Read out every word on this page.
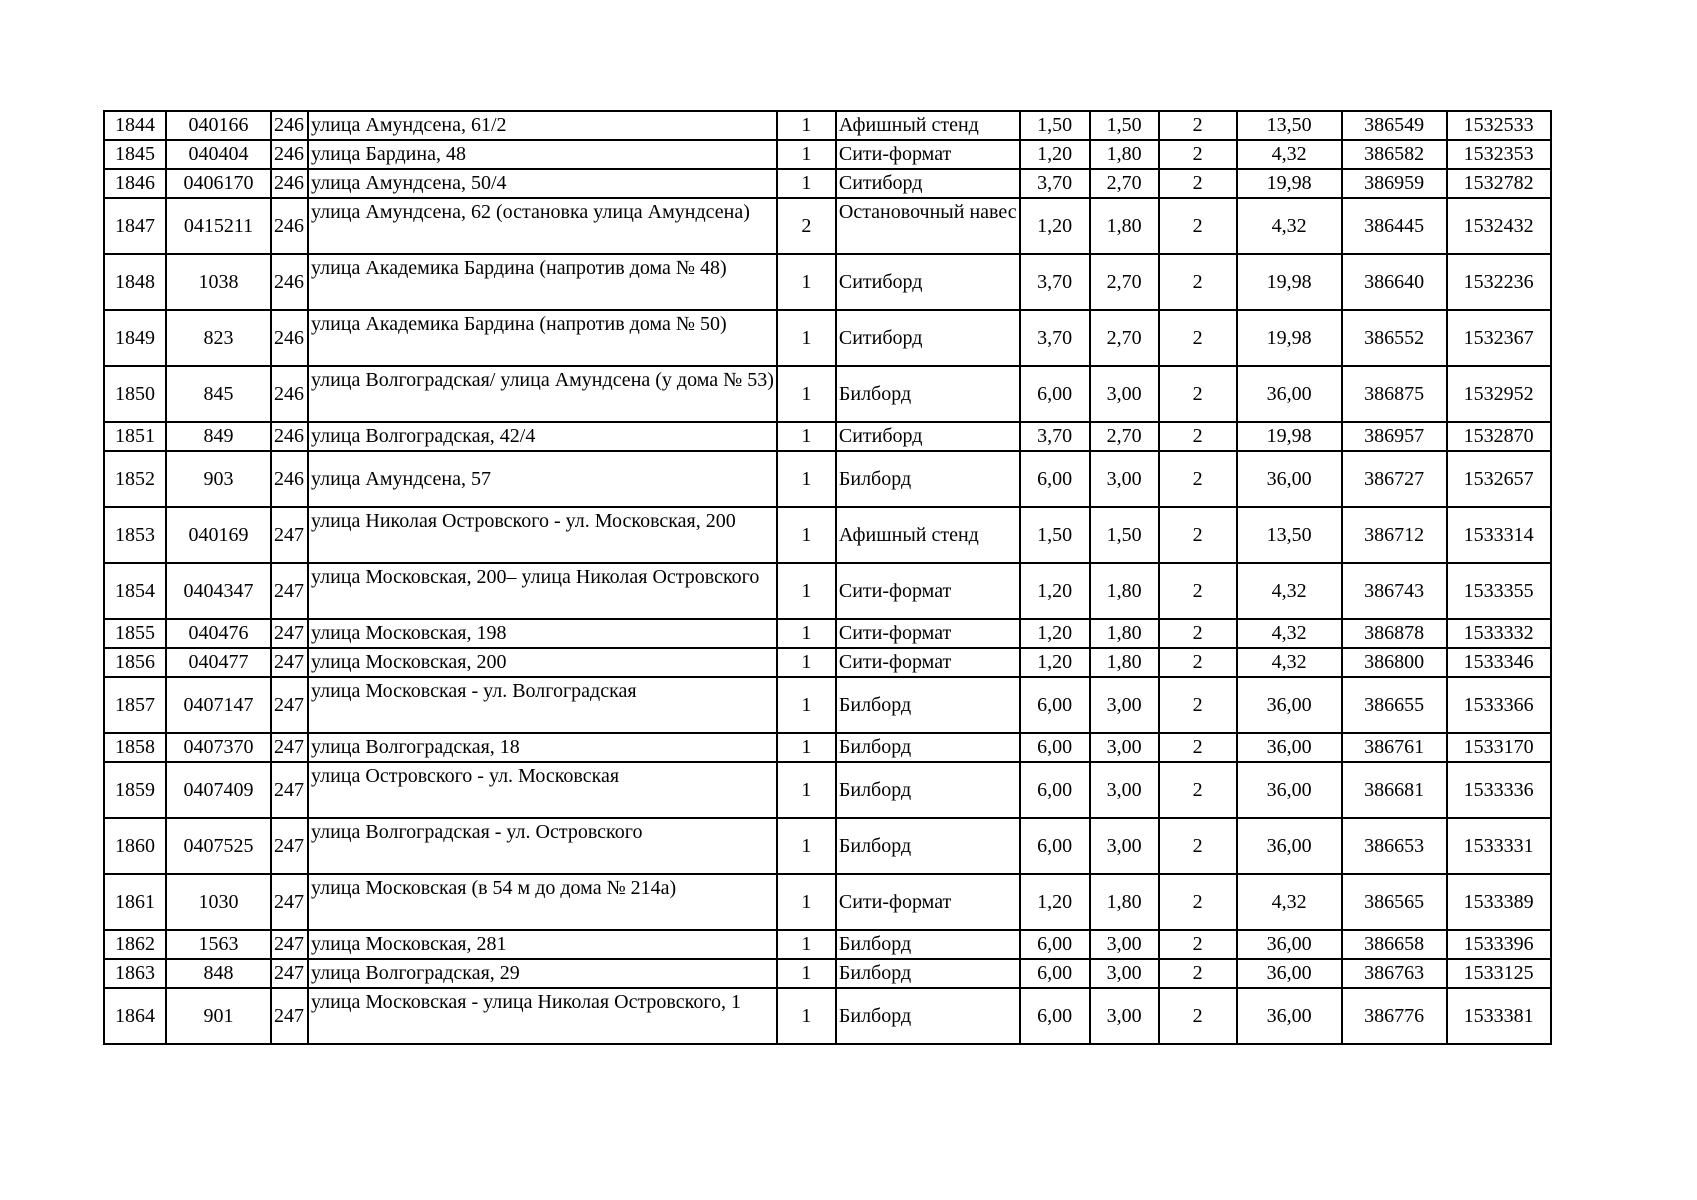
1844	040166	246	улица Амундсена, 61/2	1	Афишный стенд	1,50	1,50	2	13,50	386549	1532533
1845	040404	246	улица Бардина, 48	1	Сити-формат	1,20	1,80	2	4,32	386582	1532353
1846	0406170	246	улица Амундсена, 50/4	1	Ситиборд	3,70	2,70	2	19,98	386959	1532782
1847	0415211	246	улица Амундсена, 62 (остановка улица Амундсена)	2	Остановочный навес	1,20	1,80	2	4,32	386445	1532432
1848	1038	246	улица Академика Бардина (напротив дома № 48)	1	Ситиборд	3,70	2,70	2	19,98	386640	1532236
1849	823	246	улица Академика Бардина (напротив дома № 50)	1	Ситиборд	3,70	2,70	2	19,98	386552	1532367
1850	845	246	улица Волгоградская/ улица Амундсена (у дома № 53)	1	Билборд	6,00	3,00	2	36,00	386875	1532952
1851	849	246	улица Волгоградская, 42/4	1	Ситиборд	3,70	2,70	2	19,98	386957	1532870
1852	903	246	улица Амундсена, 57	1	Билборд	6,00	3,00	2	36,00	386727	1532657
1853	040169	247	улица Николая Островского - ул. Московская, 200	1	Афишный стенд	1,50	1,50	2	13,50	386712	1533314
1854	0404347	247	улица Московская, 200– улица Николая Островского	1	Сити-формат	1,20	1,80	2	4,32	386743	1533355
1855	040476	247	улица Московская, 198	1	Сити-формат	1,20	1,80	2	4,32	386878	1533332
1856	040477	247	улица Московская, 200	1	Сити-формат	1,20	1,80	2	4,32	386800	1533346
1857	0407147	247	улица Московская - ул. Волгоградская	1	Билборд	6,00	3,00	2	36,00	386655	1533366
1858	0407370	247	улица Волгоградская, 18	1	Билборд	6,00	3,00	2	36,00	386761	1533170
1859	0407409	247	улица Островского - ул. Московская	1	Билборд	6,00	3,00	2	36,00	386681	1533336
1860	0407525	247	улица Волгоградская - ул. Островского	1	Билборд	6,00	3,00	2	36,00	386653	1533331
1861	1030	247	улица Московская (в 54 м до дома № 214а)	1	Сити-формат	1,20	1,80	2	4,32	386565	1533389
1862	1563	247	улица Московская, 281	1	Билборд	6,00	3,00	2	36,00	386658	1533396
1863	848	247	улица Волгоградская, 29	1	Билборд	6,00	3,00	2	36,00	386763	1533125
1864	901	247	улица Московская - улица Николая Островского, 1	1	Билборд	6,00	3,00	2	36,00	386776	1533381
